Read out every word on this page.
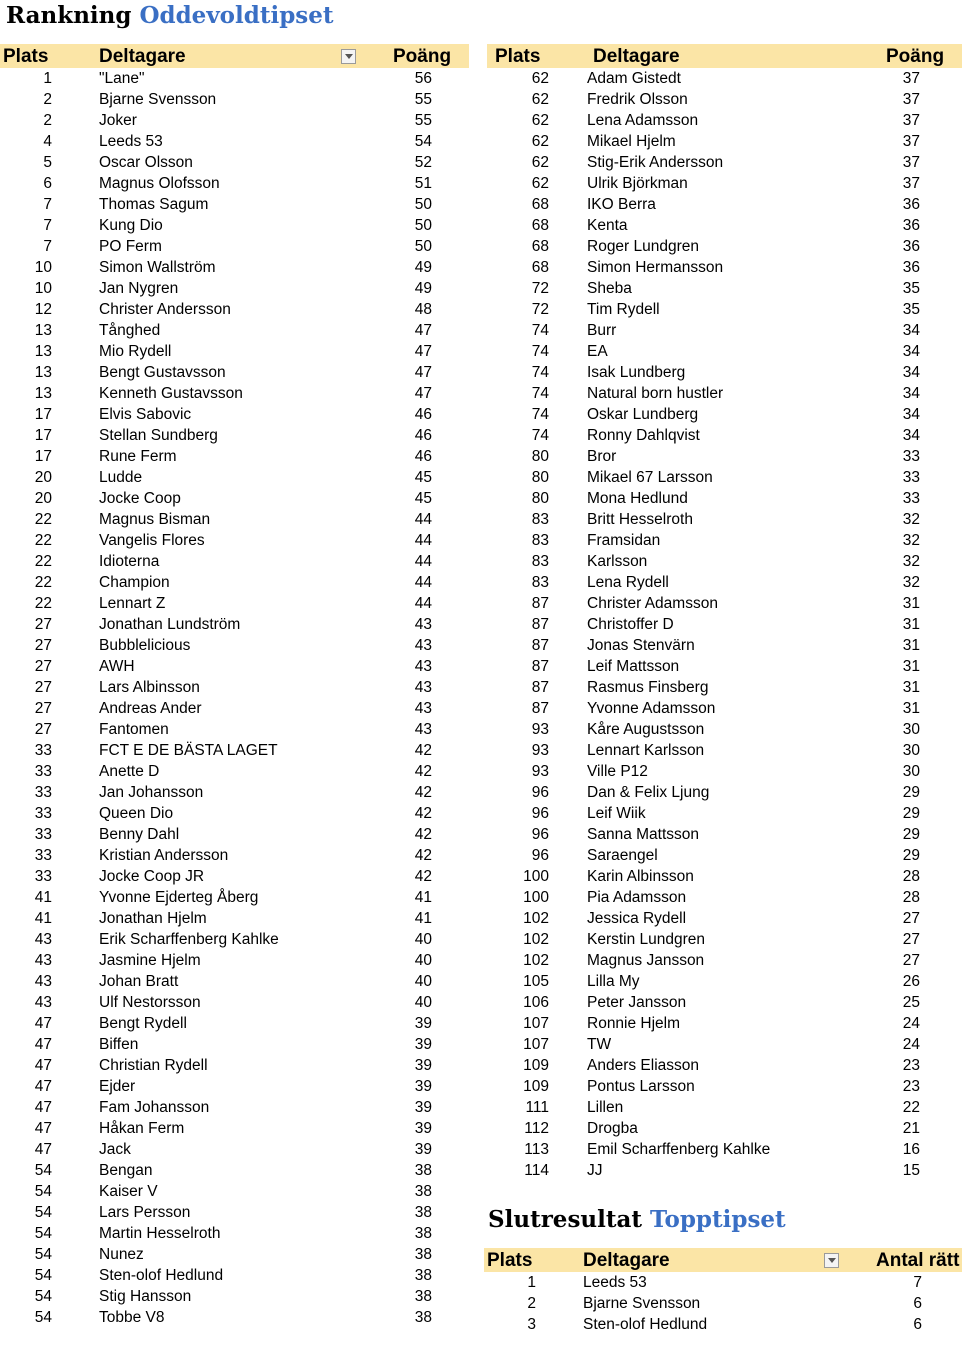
Rankning Oddevoldtipset
Plats	Deltagare	Poäng
1	"Lane"	56
2	Bjarne Svensson	55
2	Joker	55
4	Leeds 53	54
5	Oscar Olsson	52
6	Magnus Olofsson	51
7	Thomas Sagum	50
7	Kung Dio	50
7	PO Ferm	50
10	Simon Wallström	49
10	Jan Nygren	49
12	Christer Andersson	48
13	Tånghed	47
13	Mio Rydell	47
13	Bengt Gustavsson	47
13	Kenneth Gustavsson	47
17	Elvis Sabovic	46
17	Stellan Sundberg	46
17	Rune Ferm	46
20	Ludde	45
20	Jocke Coop	45
22	Magnus Bisman	44
22	Vangelis Flores	44
22	Idioterna	44
22	Champion	44
22	Lennart Z	44
27	Jonathan Lundström	43
27	Bubblelicious	43
27	AWH	43
27	Lars Albinsson	43
27	Andreas Ander	43
27	Fantomen	43
33	FCT E DE BÄSTA LAGET	42
33	Anette D	42
33	Jan Johansson	42
33	Queen Dio	42
33	Benny Dahl	42
33	Kristian Andersson	42
33	Jocke Coop JR	42
41	Yvonne Ejderteg Åberg	41
41	Jonathan Hjelm	41
43	Erik Scharffenberg Kahlke	40
43	Jasmine Hjelm	40
43	Johan Bratt	40
43	Ulf Nestorsson	40
47	Bengt Rydell	39
47	Biffen	39
47	Christian Rydell	39
47	Ejder	39
47	Fam Johansson	39
47	Håkan Ferm	39
47	Jack	39
54	Bengan	38
54	Kaiser V	38
54	Lars Persson	38
54	Martin Hesselroth	38
54	Nunez	38
54	Sten-olof Hedlund	38
54	Stig Hansson	38
54	Tobbe V8	38
Plats	Deltagare	Poäng
62 Adam Gistedt	37
62 Fredrik Olsson	37
62 Lena Adamsson	37
62 Mikael Hjelm	37
62 Stig-Erik Andersson	37
62 Ulrik Björkman	37
68 IKO Berra	36
68 Kenta	36
68 Roger Lundgren	36
68 Simon Hermansson	36
72 Sheba	35
72 Tim Rydell	35
74 Burr	34
74 EA	34
74 Isak Lundberg	34
74 Natural born hustler	34
74 Oskar Lundberg	34
74 Ronny Dahlqvist	34
80 Bror	33
80 Mikael 67 Larsson	33
80 Mona Hedlund	33
83 Britt Hesselroth	32
83 Framsidan	32
83 Karlsson	32
83 Lena Rydell	32
87 Christer Adamsson	31
87 Christoffer D	31
87 Jonas Stenvärn	31
87 Leif Mattsson	31
87 Rasmus Finsberg	31
87 Yvonne Adamsson	31
93 Kåre Augustsson	30
93 Lennart Karlsson	30
93 Ville P12	30
96 Dan & Felix Ljung	29
96 Leif Wiik	29
96 Sanna Mattsson	29
96 Saraengel	29
100 Karin Albinsson	28
100 Pia Adamsson	28
102 Jessica Rydell	27
102 Kerstin Lundgren	27
102 Magnus Jansson	27
105 Lilla My	26
106 Peter Jansson	25
107 Ronnie Hjelm	24
107 TW	24
109 Anders Eliasson	23
109 Pontus Larsson	23
111 Lillen	22
112 Drogba	21
113 Emil Scharffenberg Kahlke	16
114 JJ	15
Slutresultat Topptipset
Plats	Deltagare	Antal rätt
1	Leeds 53	7
2	Bjarne Svensson	6
3	Sten-olof Hedlund	6
